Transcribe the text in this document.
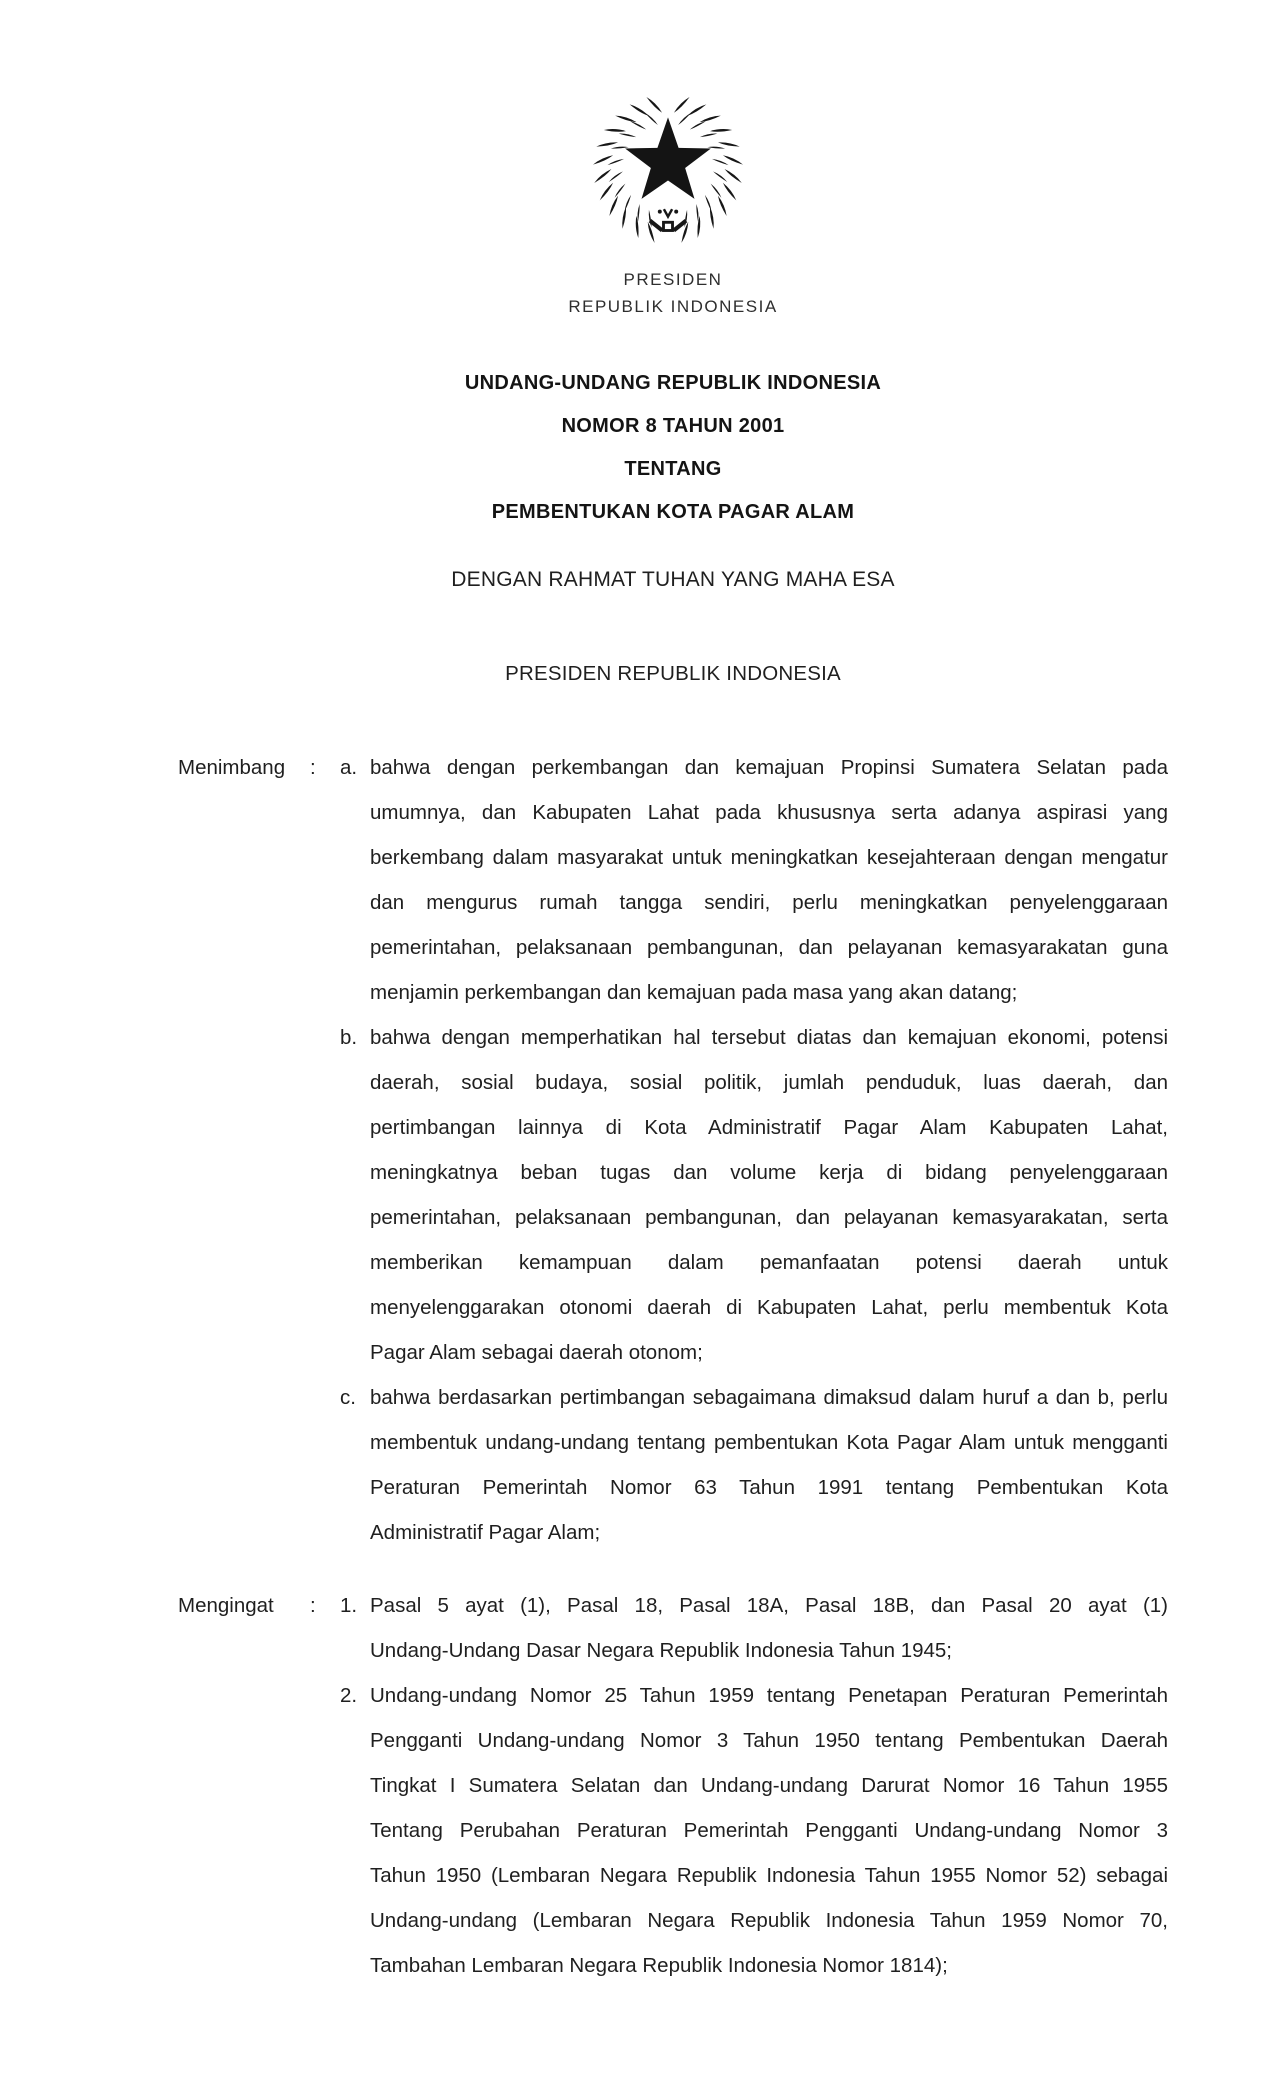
PRESIDEN
REPUBLIK INDONESIA
UNDANG-UNDANG REPUBLIK INDONESIA
NOMOR 8 TAHUN 2001
TENTANG
PEMBENTUKAN KOTA PAGAR ALAM
DENGAN RAHMAT TUHAN YANG MAHA ESA
PRESIDEN REPUBLIK INDONESIA
Menimbang	:	a. bahwa dengan perkembangan dan kemajuan Propinsi Sumatera Selatan pada
umumnya, dan Kabupaten Lahat pada khususnya serta adanya aspirasi yang
berkembang dalam masyarakat untuk meningkatkan kesejahteraan dengan mengatur
dan mengurus rumah tangga sendiri, perlu meningkatkan penyelenggaraan
pemerintahan, pelaksanaan pembangunan, dan pelayanan kemasyarakatan guna
menjamin perkembangan dan kemajuan pada masa yang akan datang;
b. bahwa dengan memperhatikan hal tersebut diatas dan kemajuan ekonomi, potensi
daerah, sosial budaya, sosial politik, jumlah penduduk, luas daerah, dan
pertimbangan lainnya di Kota Administratif Pagar Alam Kabupaten Lahat,
meningkatnya beban tugas dan volume kerja di bidang penyelenggaraan
pemerintahan, pelaksanaan pembangunan, dan pelayanan kemasyarakatan, serta
memberikan kemampuan dalam pemanfaatan potensi daerah untuk
menyelenggarakan otonomi daerah di Kabupaten Lahat, perlu membentuk Kota
Pagar Alam sebagai daerah otonom;
c. bahwa berdasarkan pertimbangan sebagaimana dimaksud dalam huruf a dan b, perlu
membentuk undang-undang tentang pembentukan Kota Pagar Alam untuk mengganti
Peraturan Pemerintah Nomor 63 Tahun 1991 tentang Pembentukan Kota
Administratif Pagar Alam;
Mengingat	:	1. Pasal 5 ayat (1), Pasal 18, Pasal 18A, Pasal 18B, dan Pasal 20 ayat (1)
Undang-Undang Dasar Negara Republik Indonesia Tahun 1945;
2. Undang-undang Nomor 25 Tahun 1959 tentang Penetapan Peraturan Pemerintah
Pengganti Undang-undang Nomor 3 Tahun 1950 tentang Pembentukan Daerah
Tingkat I Sumatera Selatan dan Undang-undang Darurat Nomor 16 Tahun 1955
Tentang Perubahan Peraturan Pemerintah Pengganti Undang-undang Nomor 3
Tahun 1950 (Lembaran Negara Republik Indonesia Tahun 1955 Nomor 52) sebagai
Undang-undang (Lembaran Negara Republik Indonesia Tahun 1959 Nomor 70,
Tambahan Lembaran Negara Republik Indonesia Nomor 1814);
